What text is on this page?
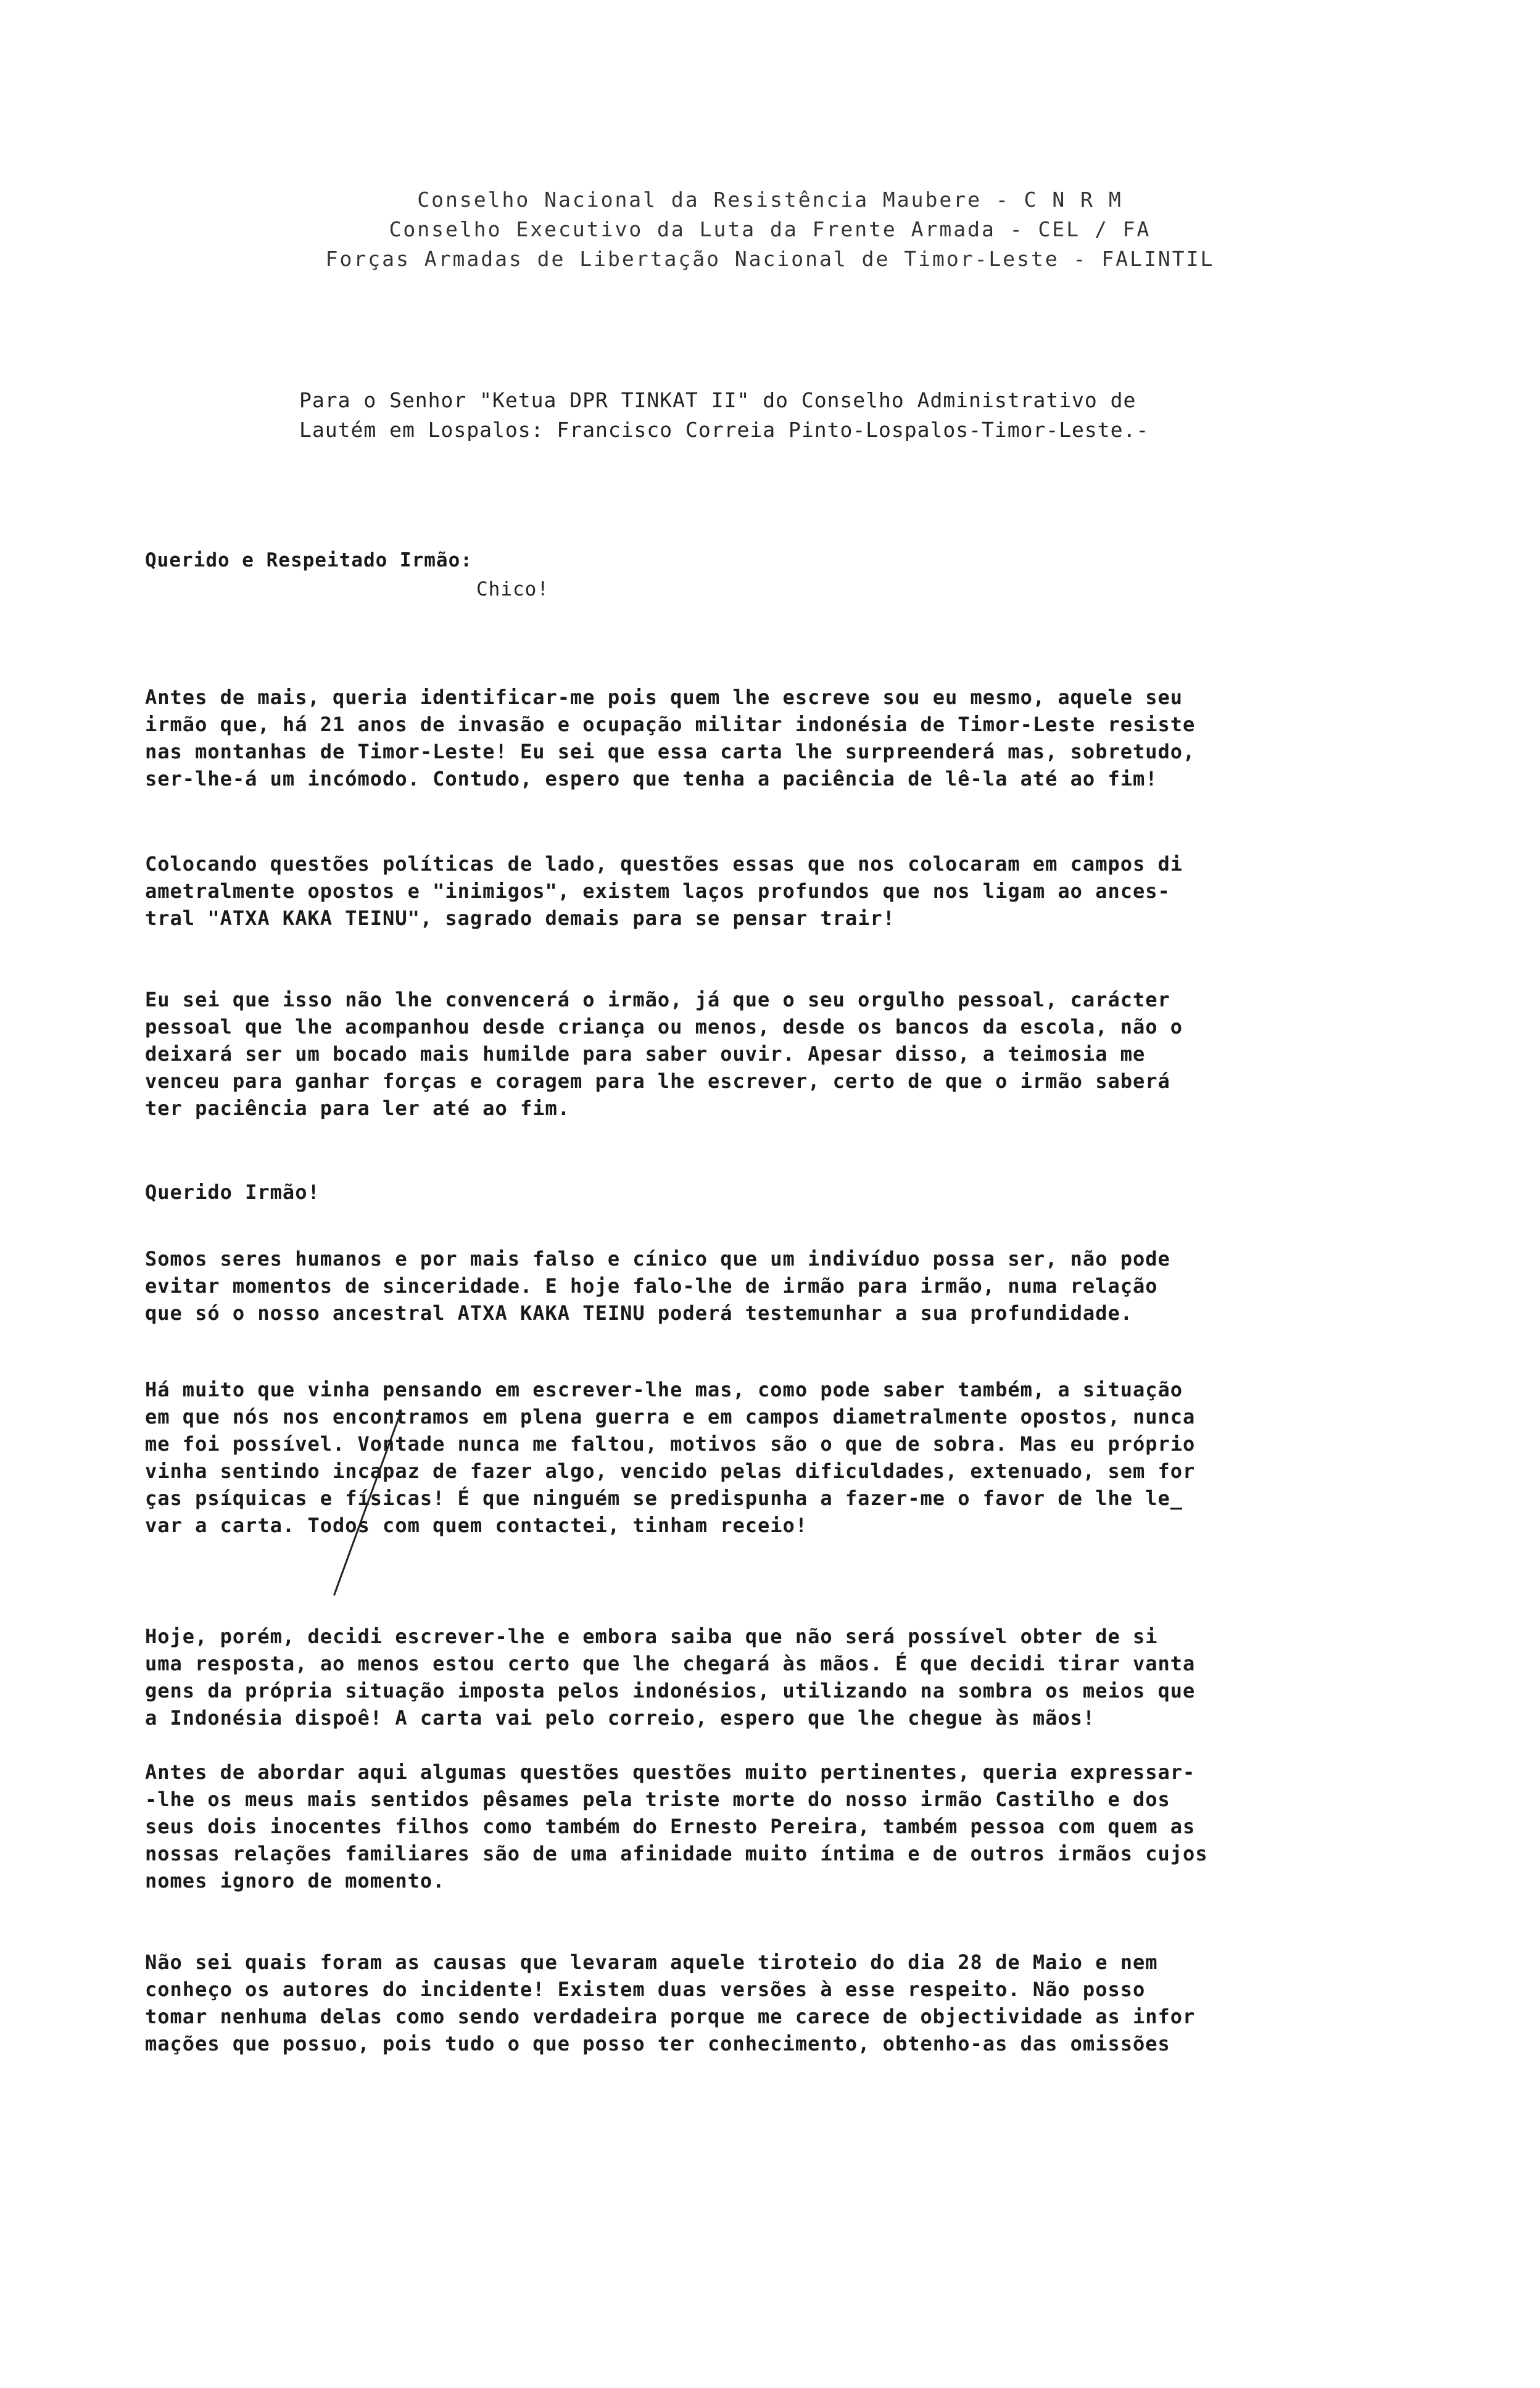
Conselho Nacional da Resistência Maubere - C N R M
Conselho Executivo da Luta da Frente Armada - CEL / FA
Forças Armadas de Libertação Nacional de Timor-Leste - FALINTIL
Para o Senhor "Ketua DPR TINKAT II" do Conselho Administrativo de
Lautém em Lospalos: Francisco Correia Pinto-Lospalos-Timor-Leste.-
Querido e Respeitado Irmão:
Chico!
Antes de mais, queria identificar-me pois quem lhe escreve sou eu mesmo, aquele seu
irmão que, há 21 anos de invasão e ocupação militar indonésia de Timor-Leste resiste
nas montanhas de Timor-Leste! Eu sei que essa carta lhe surpreenderá mas, sobretudo,
ser-lhe-á um incómodo. Contudo, espero que tenha a paciência de lê-la até ao fim!
Colocando questões políticas de lado, questões essas que nos colocaram em campos di
ametralmente opostos e "inimigos", existem laços profundos que nos ligam ao ances-
tral "ATXA KAKA TEINU", sagrado demais para se pensar trair!
Eu sei que isso não lhe convencerá o irmão, já que o seu orgulho pessoal, carácter
pessoal que lhe acompanhou desde criança ou menos, desde os bancos da escola, não o
deixará ser um bocado mais humilde para saber ouvir. Apesar disso, a teimosia me
venceu para ganhar forças e coragem para lhe escrever, certo de que o irmão saberá
ter paciência para ler até ao fim.
Querido Irmão!
Somos seres humanos e por mais falso e cínico que um indivíduo possa ser, não pode
evitar momentos de sinceridade. E hoje falo-lhe de irmão para irmão, numa relação
que só o nosso ancestral ATXA KAKA TEINU poderá testemunhar a sua profundidade.
Há muito que vinha pensando em escrever-lhe mas, como pode saber também, a situação
em que nós nos encontramos em plena guerra e em campos diametralmente opostos, nunca
me foi possível. Vontade nunca me faltou, motivos são o que de sobra. Mas eu próprio
vinha sentindo incapaz de fazer algo, vencido pelas dificuldades, extenuado, sem for
ças psíquicas e físicas! É que ninguém se predispunha a fazer-me o favor de lhe le_
var a carta. Todos com quem contactei, tinham receio!
Hoje, porém, decidi escrever-lhe e embora saiba que não será possível obter de si
uma resposta, ao menos estou certo que lhe chegará às mãos. É que decidi tirar vanta
gens da própria situação imposta pelos indonésios, utilizando na sombra os meios que
a Indonésia dispoê! A carta vai pelo correio, espero que lhe chegue às mãos!
Antes de abordar aqui algumas questões questões muito pertinentes, queria expressar-
-lhe os meus mais sentidos pêsames pela triste morte do nosso irmão Castilho e dos
seus dois inocentes filhos como também do Ernesto Pereira, também pessoa com quem as
nossas relações familiares são de uma afinidade muito íntima e de outros irmãos cujos
nomes ignoro de momento.
Não sei quais foram as causas que levaram aquele tiroteio do dia 28 de Maio e nem
conheço os autores do incidente! Existem duas versões à esse respeito. Não posso
tomar nenhuma delas como sendo verdadeira porque me carece de objectividade as infor
mações que possuo, pois tudo o que posso ter conhecimento, obtenho-as das omissões
